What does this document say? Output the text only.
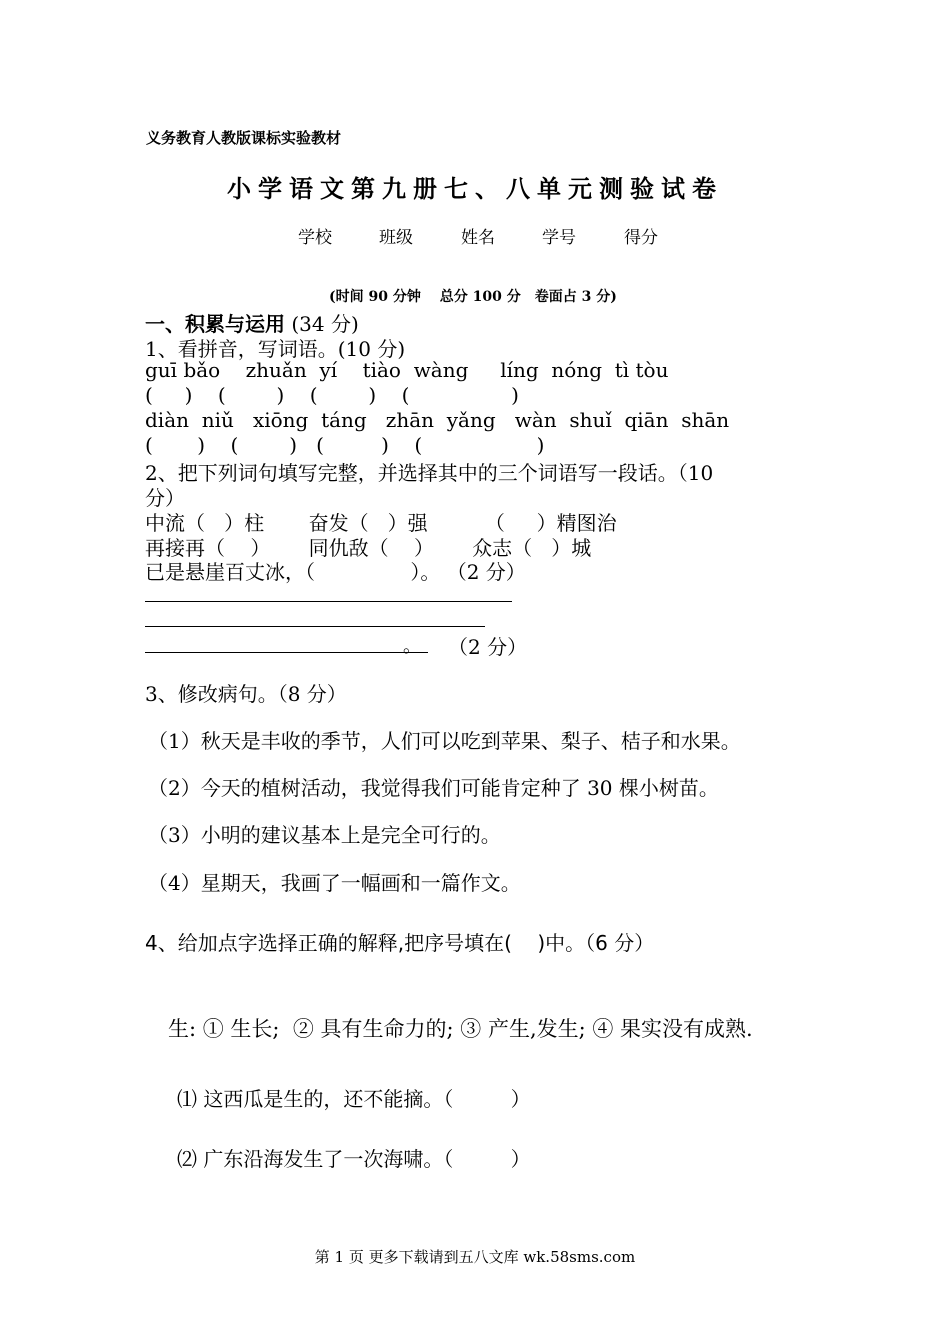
义务教育人教版课标实验教材
小学语文第九册七、八单元测验试卷
学校	班级	姓名	学号	得分
(时间 90 分钟　 总分 100 分　卷面占 3 分)
一、积累与运用 (34 分)
1、看拼音，写词语。(10 分)
guī bǎo    zhuǎn  yí    tiào  wàng     líng  nóng  tì tòu
(     )    (        )    (        )    (                )
diàn  niǔ   xiōng  táng   zhān  yǎng   wàn  shuǐ  qiān  shān
(       )    (        )   (         )    (                  )
2、把下列词句填写完整，并选择其中的三个词语写一段话。（10
分）
中流（   ）柱       奋发（   ）强         （     ）精图治
再接再（    ）      同仇敌（    ）      众志（   ）城
已是悬崖百丈冰，（               ）。 （2 分）
。 （2 分）
3、修改病句。（8 分）
（1）秋天是丰收的季节，人们可以吃到苹果、梨子、桔子和水果。
（2）今天的植树活动，我觉得我们可能肯定种了 30 棵小树苗。
（3）小明的建议基本上是完全可行的。
（4）星期天，我画了一幅画和一篇作文。
4、给加点字选择正确的解释,把序号填在(    )中。（6 分）
生: ① 生长;  ② 具有生命力的; ③ 产生,发生; ④ 果实没有成熟.
⑴ 这西瓜是生的，还不能摘。（         ）
⑵ 广东沿海发生了一次海啸。（         ）
第 1 页 更多下载请到五八文库 wk.58sms.com
